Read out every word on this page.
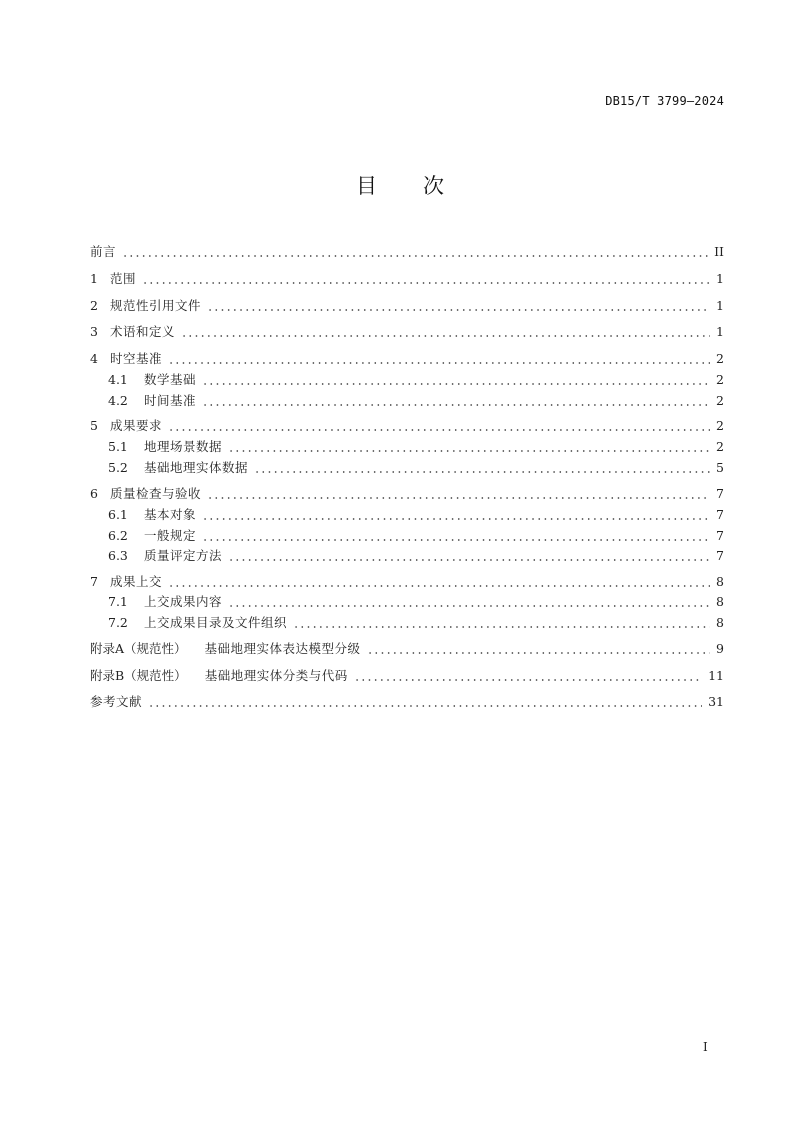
DB15/T 3799—2024
目 次
前言	II
1 范围	1
2 规范性引用文件	1
3 术语和定义	1
4 时空基准	2
4.1	数学基础	2
4.2	时间基准	2
5 成果要求	2
5.1	地理场景数据	2
5.2	基础地理实体数据	5
6 质量检查与验收	7
6.1	基本对象	7
6.2	一般规定	7
6.3	质量评定方法	7
7 成果上交	8
7.1	上交成果内容	8
7.2	上交成果目录及文件组织	8
附录A（规范性） 基础地理实体表达模型分级	9
附录B（规范性） 基础地理实体分类与代码	11
参考文献	31
I
